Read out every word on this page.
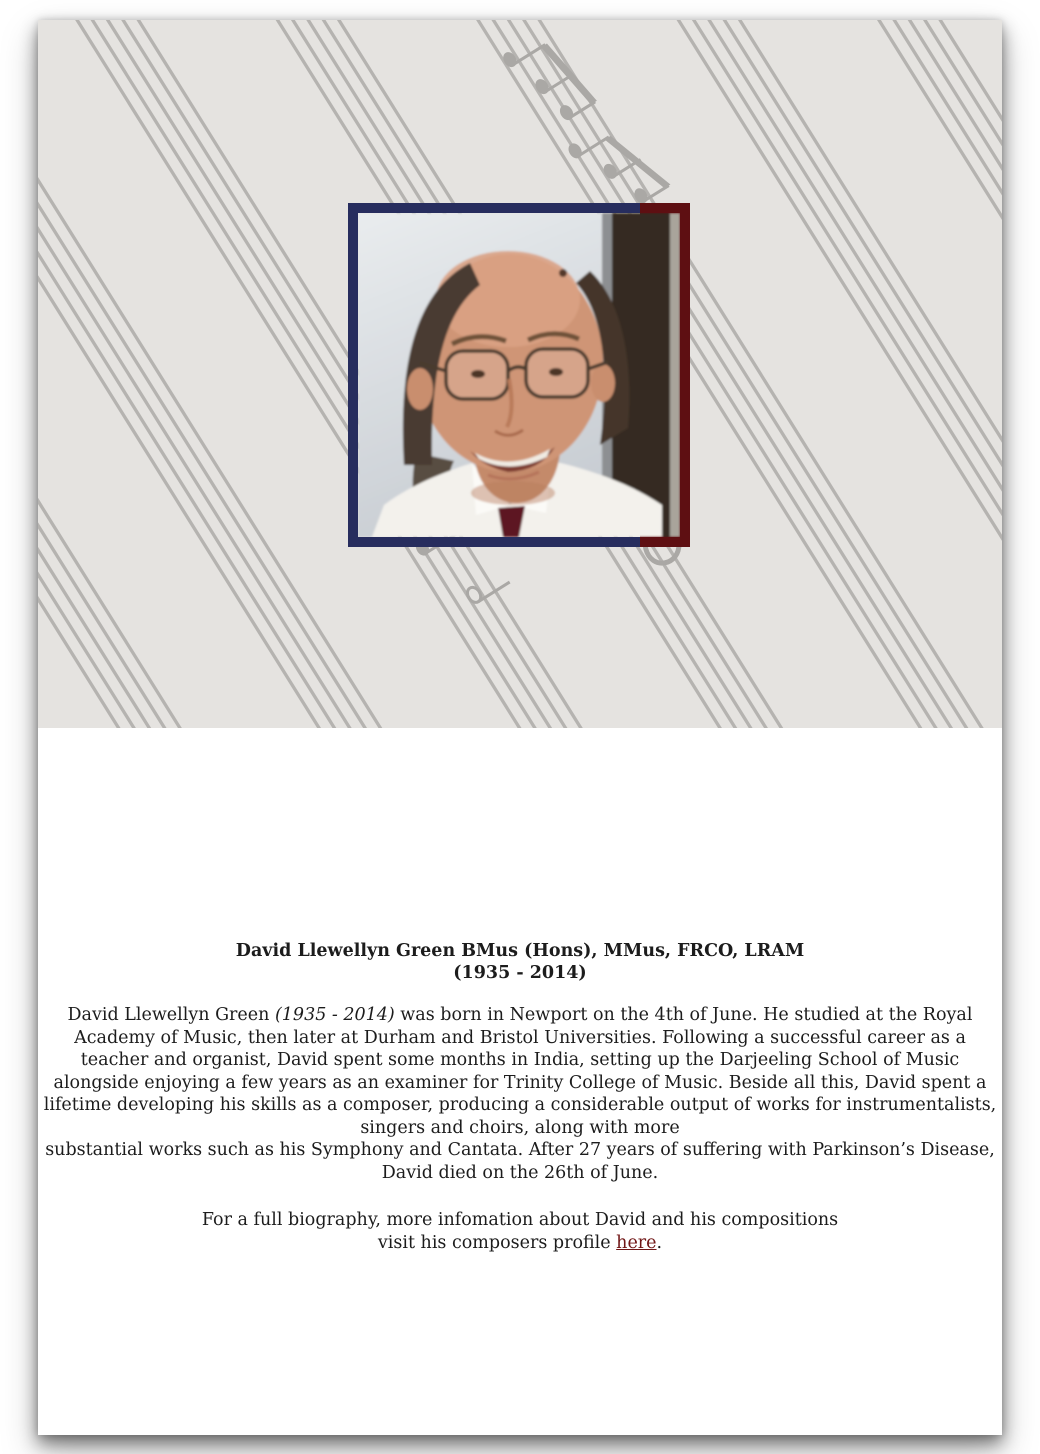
David Llewellyn Green BMus (Hons), MMus, FRCO, LRAM
(1935 - 2014)

David Llewellyn Green (1935 - 2014) was born in Newport on the 4th of June. He studied at the Royal Academy of Music, then later at Durham and Bristol Universities. Following a successful career as a teacher and organist, David spent some months in India, setting up the Darjeeling School of Music alongside enjoying a few years as an examiner for Trinity College of Music. Beside all this, David spent a lifetime developing his skills as a composer, producing a considerable output of works for instrumentalists, singers and choirs, along with more
substantial works such as his Symphony and Cantata. After 27 years of suffering with Parkinson’s Disease, David died on the 26th of June.

For a full biography, more infomation about David and his compositions
visit his composers profile here.
